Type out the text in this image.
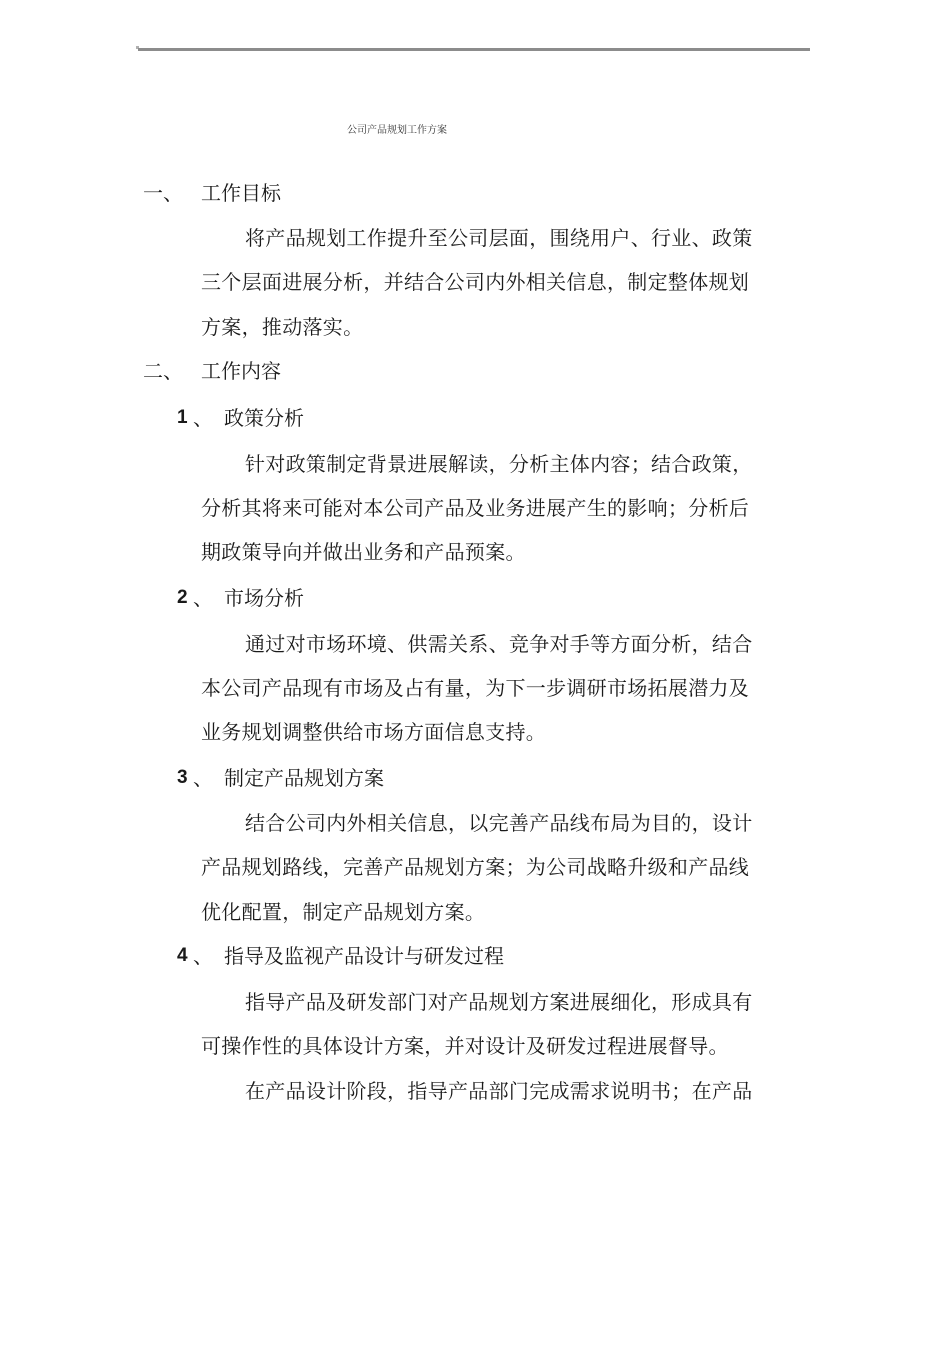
公司产品规划工作方案
一、 工作目标
将产品规划工作提升至公司层面，围绕用户、行业、政策
三个层面进展分析，并结合公司内外相关信息，制定整体规划
方案，推动落实。
二、 工作内容
1 、 政策分析
针对政策制定背景进展解读，分析主体内容；结合政策，
分析其将来可能对本公司产品及业务进展产生的影响；分析后
期政策导向并做出业务和产品预案。
2 、 市场分析
通过对市场环境、供需关系、竞争对手等方面分析，结合
本公司产品现有市场及占有量，为下一步调研市场拓展潜力及
业务规划调整供给市场方面信息支持。
3 、 制定产品规划方案
结合公司内外相关信息，以完善产品线布局为目的，设计
产品规划路线，完善产品规划方案；为公司战略升级和产品线
优化配置，制定产品规划方案。
4 、 指导及监视产品设计与研发过程
指导产品及研发部门对产品规划方案进展细化，形成具有
可操作性的具体设计方案，并对设计及研发过程进展督导。
在产品设计阶段，指导产品部门完成需求说明书；在产品
